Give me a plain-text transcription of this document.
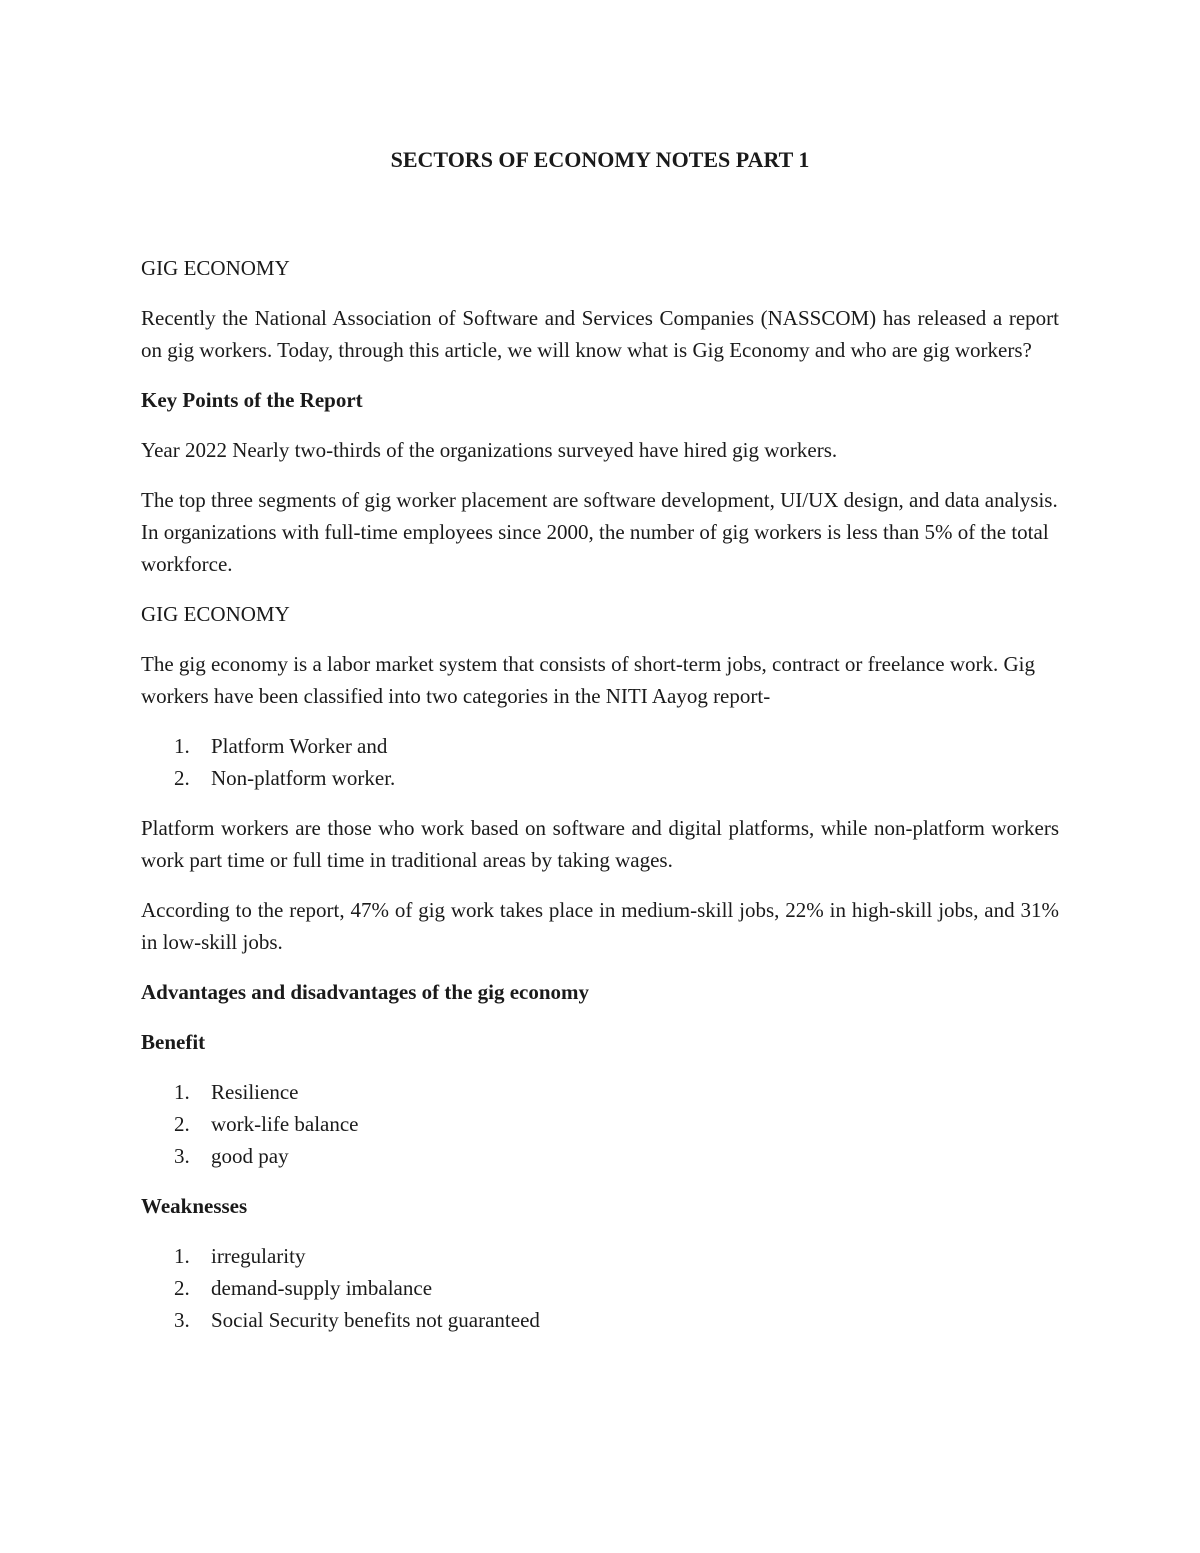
SECTORS OF ECONOMY NOTES PART 1

GIG ECONOMY

Recently the National Association of Software and Services Companies (NASSCOM) has released a report on gig workers. Today, through this article, we will know what is Gig Economy and who are gig workers?

Key Points of the Report

Year 2022 Nearly two-thirds of the organizations surveyed have hired gig workers.

The top three segments of gig worker placement are software development, UI/UX design, and data analysis. In organizations with full-time employees since 2000, the number of gig workers is less than 5% of the total workforce.

GIG ECONOMY

The gig economy is a labor market system that consists of short-term jobs, contract or freelance work. Gig workers have been classified into two categories in the NITI Aayog report-

1. Platform Worker and
2. Non-platform worker.

Platform workers are those who work based on software and digital platforms, while non-platform workers work part time or full time in traditional areas by taking wages.

According to the report, 47% of gig work takes place in medium-skill jobs, 22% in high-skill jobs, and 31% in low-skill jobs.

Advantages and disadvantages of the gig economy

Benefit

1. Resilience
2. work-life balance
3. good pay

Weaknesses

1. irregularity
2. demand-supply imbalance
3. Social Security benefits not guaranteed
